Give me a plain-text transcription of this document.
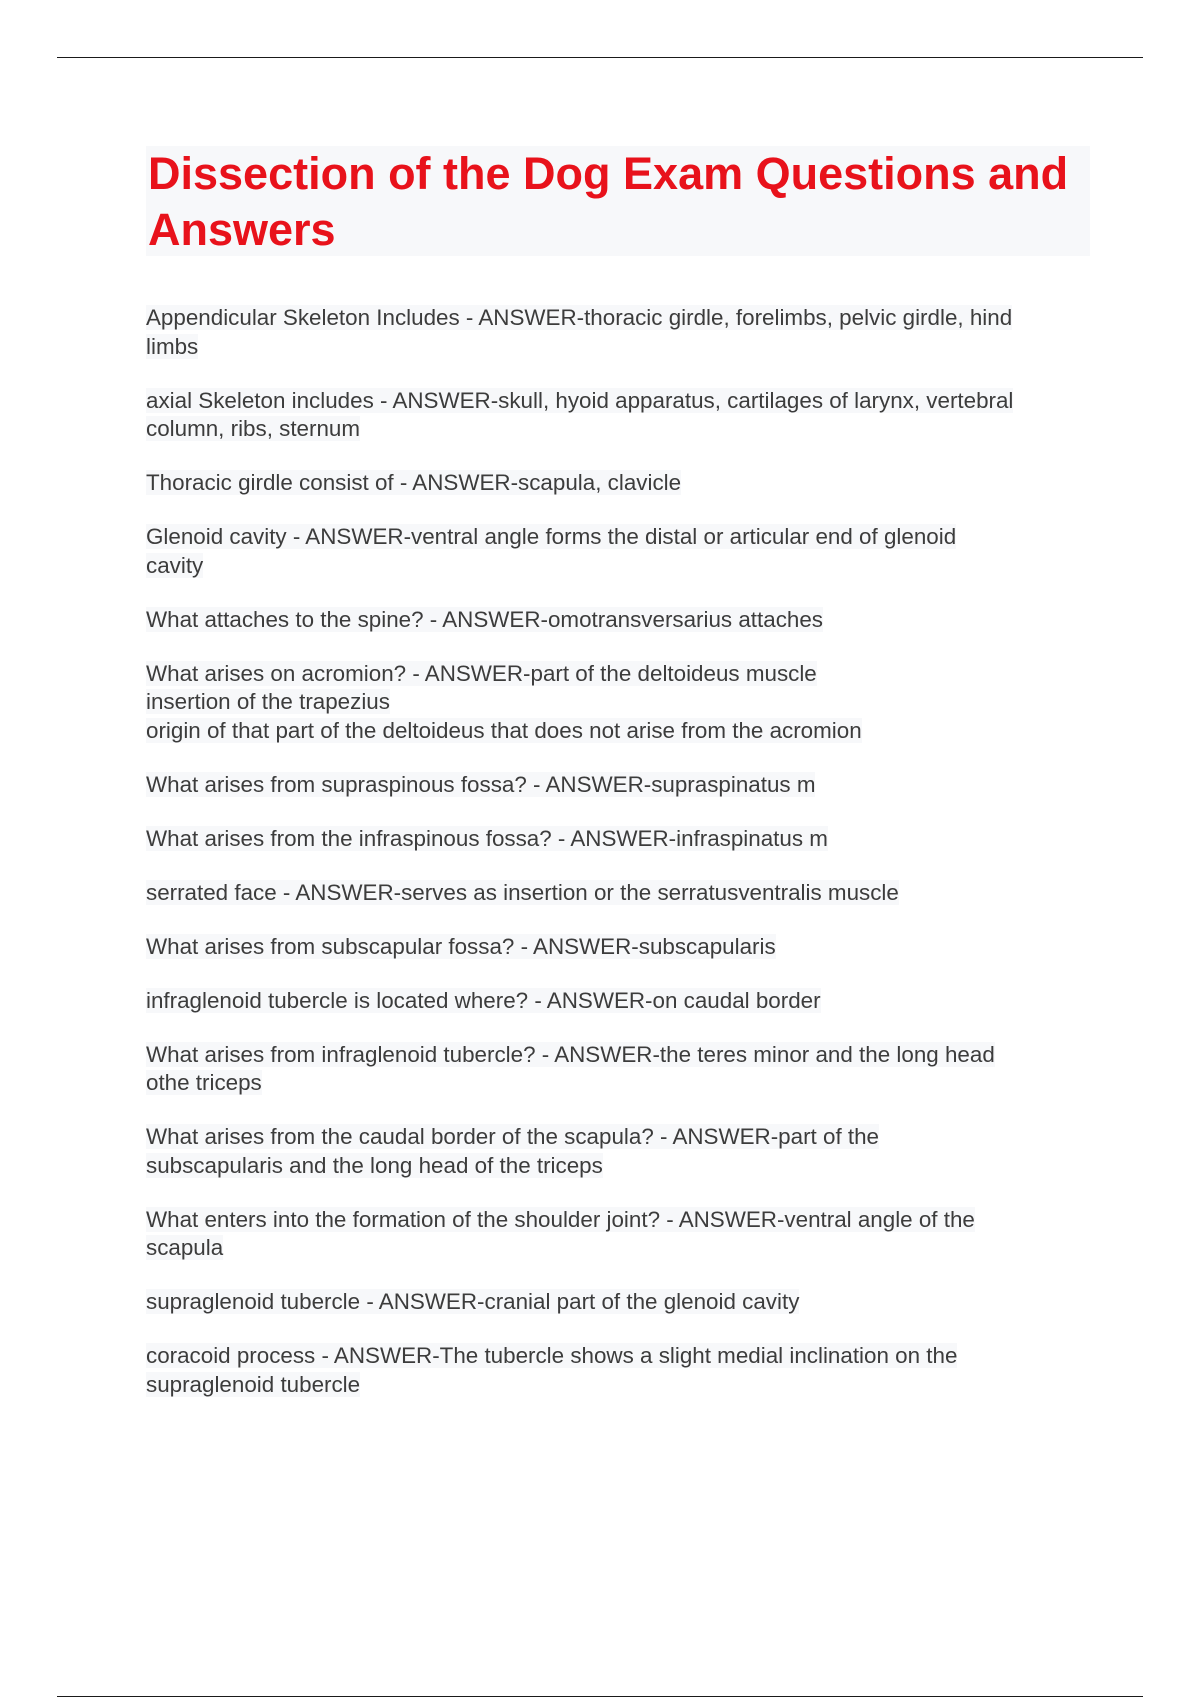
Dissection of the Dog Exam Questions and Answers
Appendicular Skeleton Includes - ANSWER-thoracic girdle, forelimbs, pelvic girdle, hind
limbs
axial Skeleton includes - ANSWER-skull, hyoid apparatus, cartilages of larynx, vertebral
column, ribs, sternum
Thoracic girdle consist of - ANSWER-scapula, clavicle
Glenoid cavity - ANSWER-ventral angle forms the distal or articular end of glenoid
cavity
What attaches to the spine? - ANSWER-omotransversarius attaches
What arises on acromion? - ANSWER-part of the deltoideus muscle
insertion of the trapezius
origin of that part of the deltoideus that does not arise from the acromion
What arises from supraspinous fossa? - ANSWER-supraspinatus m
What arises from the infraspinous fossa? - ANSWER-infraspinatus m
serrated face - ANSWER-serves as insertion or the serratusventralis muscle
What arises from subscapular fossa? - ANSWER-subscapularis
infraglenoid tubercle is located where? - ANSWER-on caudal border
What arises from infraglenoid tubercle? - ANSWER-the teres minor and the long head
othe triceps
What arises from the caudal border of the scapula? - ANSWER-part of the
subscapularis and the long head of the triceps
What enters into the formation of the shoulder joint? - ANSWER-ventral angle of the
scapula
supraglenoid tubercle - ANSWER-cranial part of the glenoid cavity
coracoid process - ANSWER-The tubercle shows a slight medial inclination on the
supraglenoid tubercle
